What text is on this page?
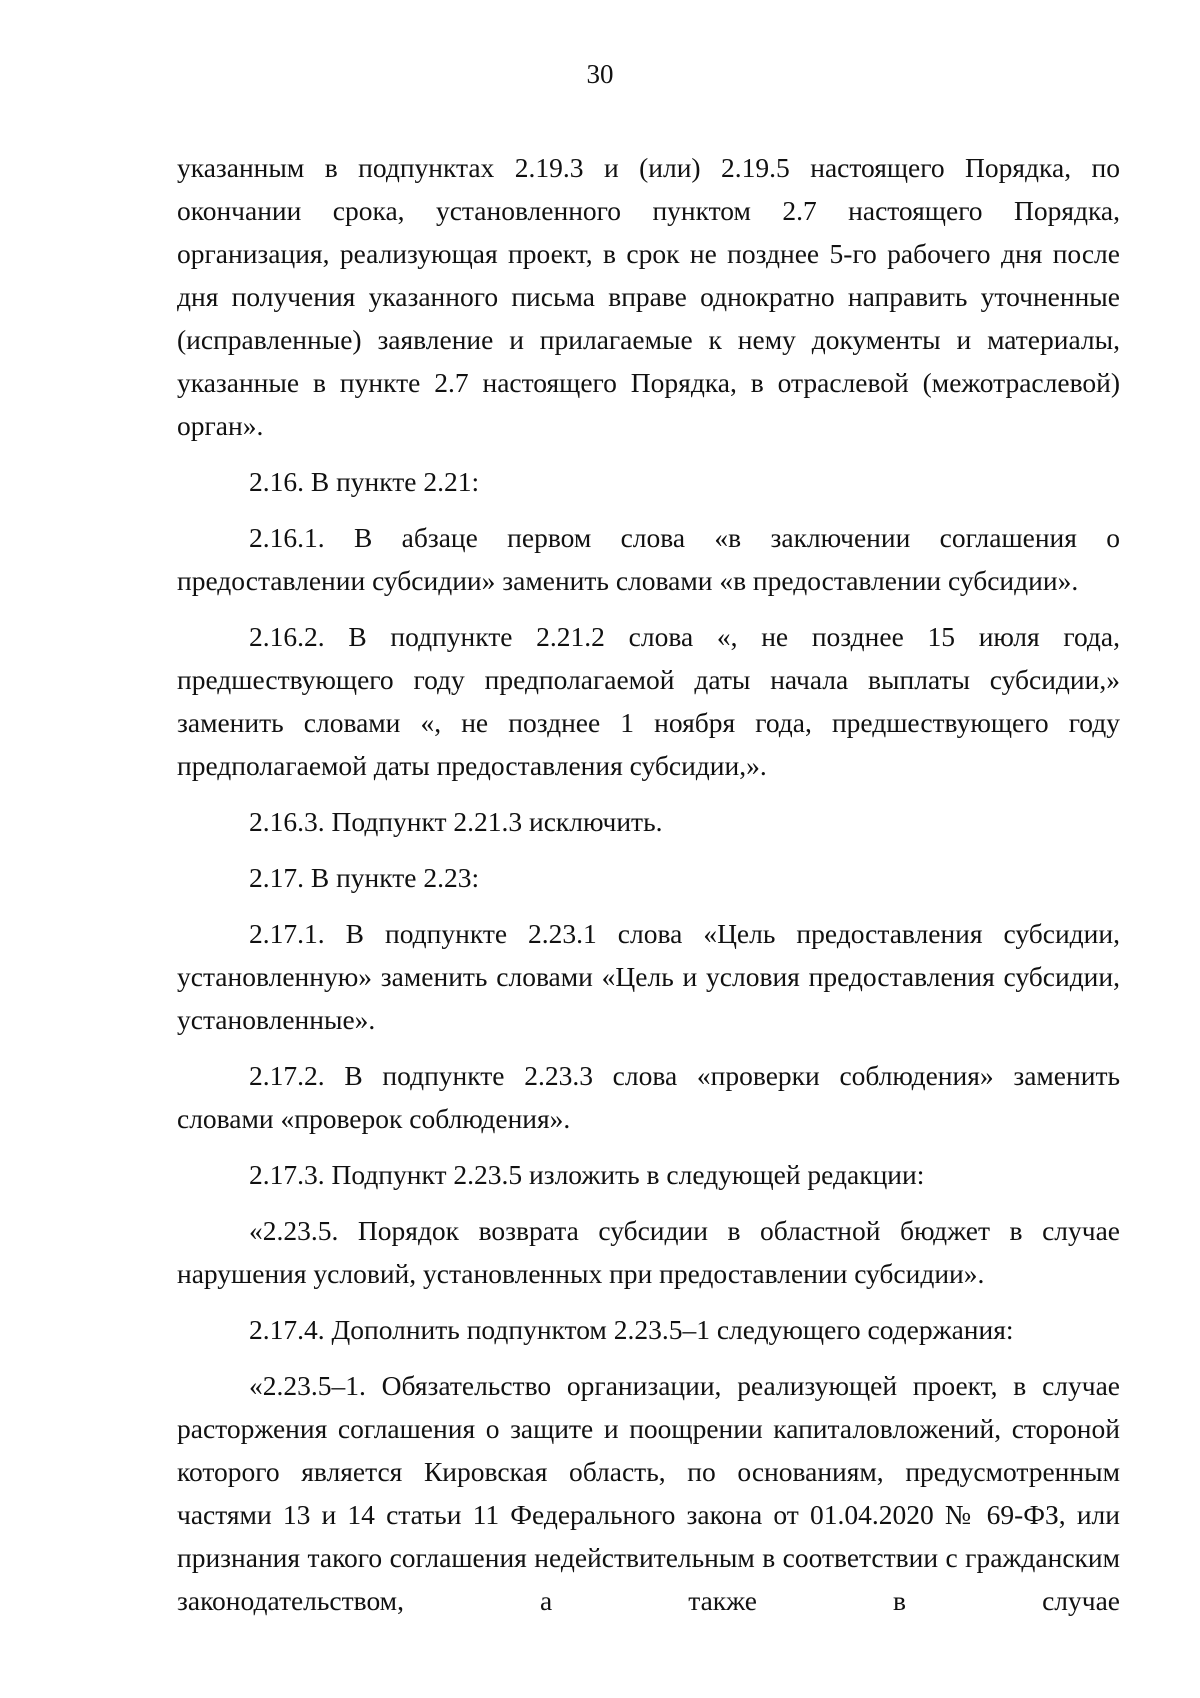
30

указанным в подпунктах 2.19.3 и (или) 2.19.5 настоящего Порядка, по окончании срока, установленного пунктом 2.7 настоящего Порядка, организация, реализующая проект, в срок не позднее 5-го рабочего дня после дня получения указанного письма вправе однократно направить уточненные (исправленные) заявление и прилагаемые к нему документы и материалы, указанные в пункте 2.7 настоящего Порядка, в отраслевой (межотраслевой) орган».

2.16. В пункте 2.21:

2.16.1. В абзаце первом слова «в заключении соглашения о предоставлении субсидии» заменить словами «в предоставлении субсидии».

2.16.2. В подпункте 2.21.2 слова «, не позднее 15 июля года, предшествующего году предполагаемой даты начала выплаты субсидии,» заменить словами «, не позднее 1 ноября года, предшествующего году предполагаемой даты предоставления субсидии,».

2.16.3. Подпункт 2.21.3 исключить.

2.17. В пункте 2.23:

2.17.1. В подпункте 2.23.1 слова «Цель предоставления субсидии, установленную» заменить словами «Цель и условия предоставления субсидии, установленные».

2.17.2. В подпункте 2.23.3 слова «проверки соблюдения» заменить словами «проверок соблюдения».

2.17.3. Подпункт 2.23.5 изложить в следующей редакции:

«2.23.5. Порядок возврата субсидии в областной бюджет в случае нарушения условий, установленных при предоставлении субсидии».

2.17.4. Дополнить подпунктом 2.23.5–1 следующего содержания:

«2.23.5–1. Обязательство организации, реализующей проект, в случае расторжения соглашения о защите и поощрении капиталовложений, стороной которого является Кировская область, по основаниям, предусмотренным частями 13 и 14 статьи 11 Федерального закона от 01.04.2020 № 69-ФЗ, или признания такого соглашения недействительным в соответствии с гражданским законодательством, а также в случае
